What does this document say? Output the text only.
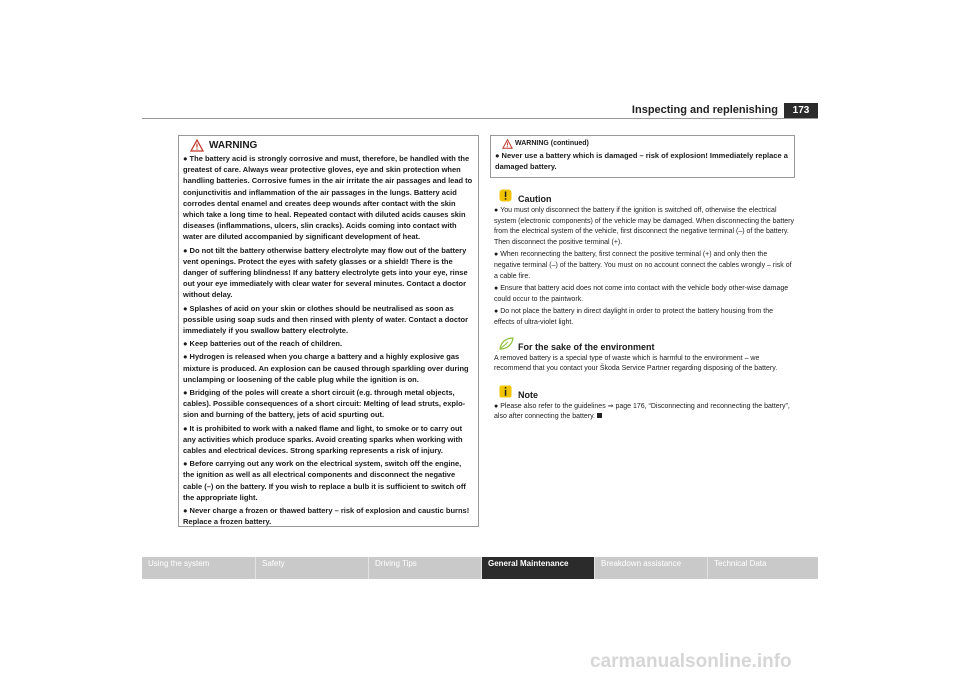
Inspecting and replenishing	173
WARNING

● The battery acid is strongly corrosive and must, therefore, be handled with the greatest of care. Always wear protective gloves, eye and skin protection when handling batteries. Corrosive fumes in the air irritate the air passages and lead to conjunctivitis and inflammation of the air passages in the lungs. Battery acid corrodes dental enamel and creates deep wounds after contact with the skin which take a long time to heal. Repeated contact with diluted acids causes skin diseases (inflammations, ulcers, slin cracks). Acids coming into contact with water are diluted accompanied by significant development of heat.

● Do not tilt the battery otherwise battery electrolyte may flow out of the battery vent openings. Protect the eyes with safety glasses or a shield! There is the danger of suffering blindness! If any battery electrolyte gets into your eye, rinse out your eye immediately with clear water for several minutes. Contact a doctor without delay.

● Splashes of acid on your skin or clothes should be neutralised as soon as possible using soap suds and then rinsed with plenty of water. Contact a doctor immediately if you swallow battery electrolyte.

● Keep batteries out of the reach of children.

● Hydrogen is released when you charge a battery and a highly explosive gas mixture is produced. An explosion can be caused through sparkling over during unclamping or loosening of the cable plug while the ignition is on.

● Bridging of the poles will create a short circuit (e.g. through metal objects, cables). Possible consequences of a short circuit: Melting of lead struts, explo-sion and burning of the battery, jets of acid spurting out.

● It is prohibited to work with a naked flame and light, to smoke or to carry out any activities which produce sparks. Avoid creating sparks when working with cables and electrical devices. Strong sparking represents a risk of injury.

● Before carrying out any work on the electrical system, switch off the engine, the ignition as well as all electrical components and disconnect the negative cable (–) on the battery. If you wish to replace a bulb it is sufficient to switch off the appropriate light.

● Never charge a frozen or thawed battery – risk of explosion and caustic burns! Replace a frozen battery.

WARNING (continued)

● Never use a battery which is damaged – risk of explosion! Immediately replace a damaged battery.

Caution

● You must only disconnect the battery if the ignition is switched off, otherwise the electrical system (electronic components) of the vehicle may be damaged. When disconnecting the battery from the electrical system of the vehicle, first disconnect the negative terminal (–) of the battery. Then disconnect the positive terminal (+).

● When reconnecting the battery, first connect the positive terminal (+) and only then the negative terminal (–) of the battery. You must on no account connect the cables wrongly – risk of a cable fire.

● Ensure that battery acid does not come into contact with the vehicle body other-wise damage could occur to the paintwork.

● Do not place the battery in direct daylight in order to protect the battery housing from the effects of ultra-violet light.

For the sake of the environment

A removed battery is a special type of waste which is harmful to the environment – we recommend that you contact your Škoda Service Partner regarding disposing of the battery.

Note

● Please also refer to the guidelines ⇒ page 176, “Disconnecting and reconnecting the battery”, also after connecting the battery.

Using the system	Safety	Driving Tips	General Maintenance	Breakdown assistance	Technical Data
carmanualsonline.info
